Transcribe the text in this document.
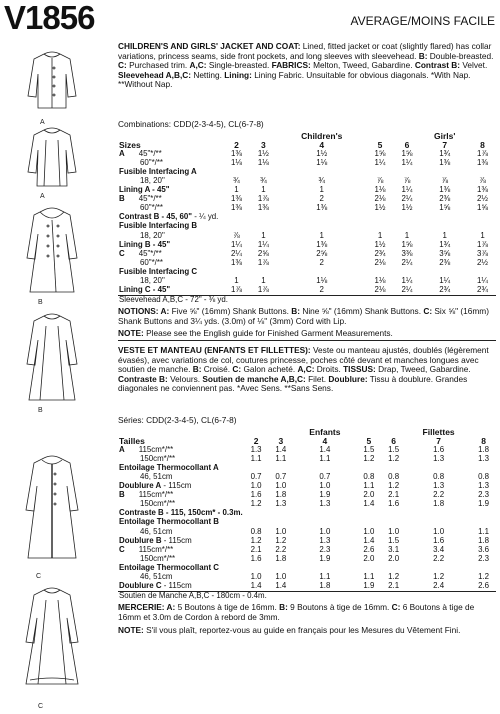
V1856	AVERAGE/MOINS FACILE
A
A
B
B
C
C
CHILDREN'S AND GIRLS' JACKET AND COAT: Lined, fitted jacket or coat (slightly flared) has collar variations, princess seams, side front pockets, and long sleeves with sleevehead. B: Double-breasted. C: Purchased trim. A,C: Single-breasted. FABRICS: Melton, Tweed, Gabardine. Contrast B: Velvet. Sleevehead A,B,C: Netting. Lining: Lining Fabric. Unsuitable for obvious diagonals. *With Nap. **Without Nap.
Combinations: CDD(2-3-4-5), CL(6-7-8)
			Children's			Girls'	
Sizes	2	3	4	5	6	7	8
A 45"*/**	1⅜	1½	1½	1⅝	1⅝	1¾	1⅞
60"*/**	1⅛	1⅛	1⅛	1¼	1¼	1⅜	1⅜
Fusible Interfacing A							
18, 20"	¾	¾	¾	⅞	⅞	⅞	⅞
Lining A - 45"	1	1	1	1⅛	1¼	1⅜	1⅜
B 45"*/**	1⅜	1⅞	2	2⅛	2¼	2⅜	2½
60"*/**	1⅜	1⅜	1⅜	1½	1½	1⅝	1⅝
Contrast B - 45, 60" - ¼ yd.							
Fusible Interfacing B							
18, 20"	⅞	1	1	1	1	1	1
Lining B - 45"	1¼	1¼	1⅜	1½	1⅝	1¾	1⅞
C 45"*/**	2¼	2⅝	2⅝	2¾	3⅜	3⅝	3⅞
60"*/**	1⅜	1⅞	2	2⅛	2¼	2⅜	2½
Fusible Interfacing C							
18, 20"	1	1	1⅛	1⅛	1¼	1¼	1¼
Lining C - 45"	1⅞	1⅞	2	2⅛	2¼	2¾	2¾
Sleevehead A,B,C - 72" - ⅜ yd.							
NOTIONS: A: Five ⅝" (16mm) Shank Buttons. B: Nine ⅝" (16mm) Shank Buttons. C: Six ⅝" (16mm) Shank Buttons and 3¼ yds. (3.0m) of ⅛" (3mm) Cord with Lip.
NOTE: Please see the English guide for Finished Garment Measurements.
VESTE ET MANTEAU (ENFANTS ET FILLETTES): Veste ou manteau ajustés, doublés (légèrement évasés), avec variations de col, coutures princesse, poches côté devant et manches longues avec soutien de manche. B: Croisé. C: Galon acheté. A,C: Droits. TISSUS: Drap, Tweed, Gabardine. Contraste B: Velours. Soutien de manche A,B,C: Filet. Doublure: Tissu à doublure. Grandes diagonales ne conviennent pas. *Avec Sens. **Sans Sens.
Séries: CDD(2-3-4-5), CL(6-7-8)
			Enfants			Fillettes	
Tailles	2	3	4	5	6	7	8
A 115cm*/**	1.3	1.4	1.4	1.5	1.5	1.6	1.8
150cm*/**	1.1	1.1	1.1	1.2	1.2	1.3	1.3
Entoilage Thermocollant A							
46, 51cm	0.7	0.7	0.7	0.8	0.8	0.8	0.8
Doublure A - 115cm	1.0	1.0	1.0	1.1	1.2	1.3	1.3
B 115cm*/**	1.6	1.8	1.9	2.0	2.1	2.2	2.3
150cm*/**	1.2	1.3	1.3	1.4	1.6	1.8	1.9
Contraste B - 115, 150cm* - 0.3m.							
Entoilage Thermocollant B							
46, 51cm	0.8	1.0	1.0	1.0	1.0	1.0	1.1
Doublure B - 115cm	1.2	1.2	1.3	1.4	1.5	1.6	1.8
C 115cm*/**	2.1	2.2	2.3	2.6	3.1	3.4	3.6
150cm*/**	1.6	1.8	1.9	2.0	2.0	2.2	2.3
Entoilage Thermocollant C							
46, 51cm	1.0	1.0	1.1	1.1	1.2	1.2	1.2
Doublure C - 115cm	1.4	1.4	1.8	1.9	2.1	2.4	2.6
Soutien de Manche A,B,C - 180cm - 0.4m.							
MERCERIE: A: 5 Boutons à tige de 16mm. B: 9 Boutons à tige de 16mm. C: 6 Boutons à tige de 16mm et 3.0m de Cordon à rebord de 3mm.
NOTE: S'il vous plaît, reportez-vous au guide en français pour les Mesures du Vêtement Fini.
